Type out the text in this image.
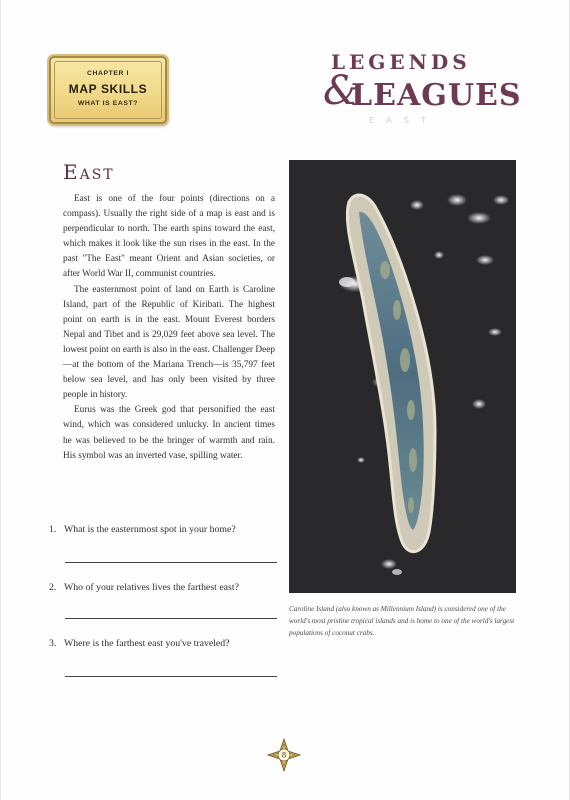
CHAPTER I
MAP SKILLS
WHAT IS EAST?
LEGENDS
&
LEAGUES
EAST
East

East is one of the four points (directions on a compass). Usually the right side of a map is east and is perpendicular to north. The earth spins toward the east, which makes it look like the sun rises in the east. In the past "The East" meant Orient and Asian societies, or after World War II, communist countries.

The easternmost point of land on Earth is Caroline Island, part of the Republic of Kiribati. The highest point on earth is in the east. Mount Everest borders Nepal and Tibet and is 29,029 feet above sea level. The lowest point on earth is also in the east. Challenger Deep—at the bottom of the Mariana Trench—is 35,797 feet below sea level, and has only been visited by three people in history.

Eurus was the Greek god that personified the east wind, which was considered unlucky. In ancient times he was believed to be the bringer of warmth and rain. His symbol was an inverted vase, spilling water.

1. What is the easternmost spot in your home?
2. Who of your relatives lives the farthest east?
3. Where is the farthest east you've traveled?
Caroline Island (also known as Millennium Island) is considered one of the world's most pristine tropical islands and is home to one of the world's largest populations of coconut crabs.
8
